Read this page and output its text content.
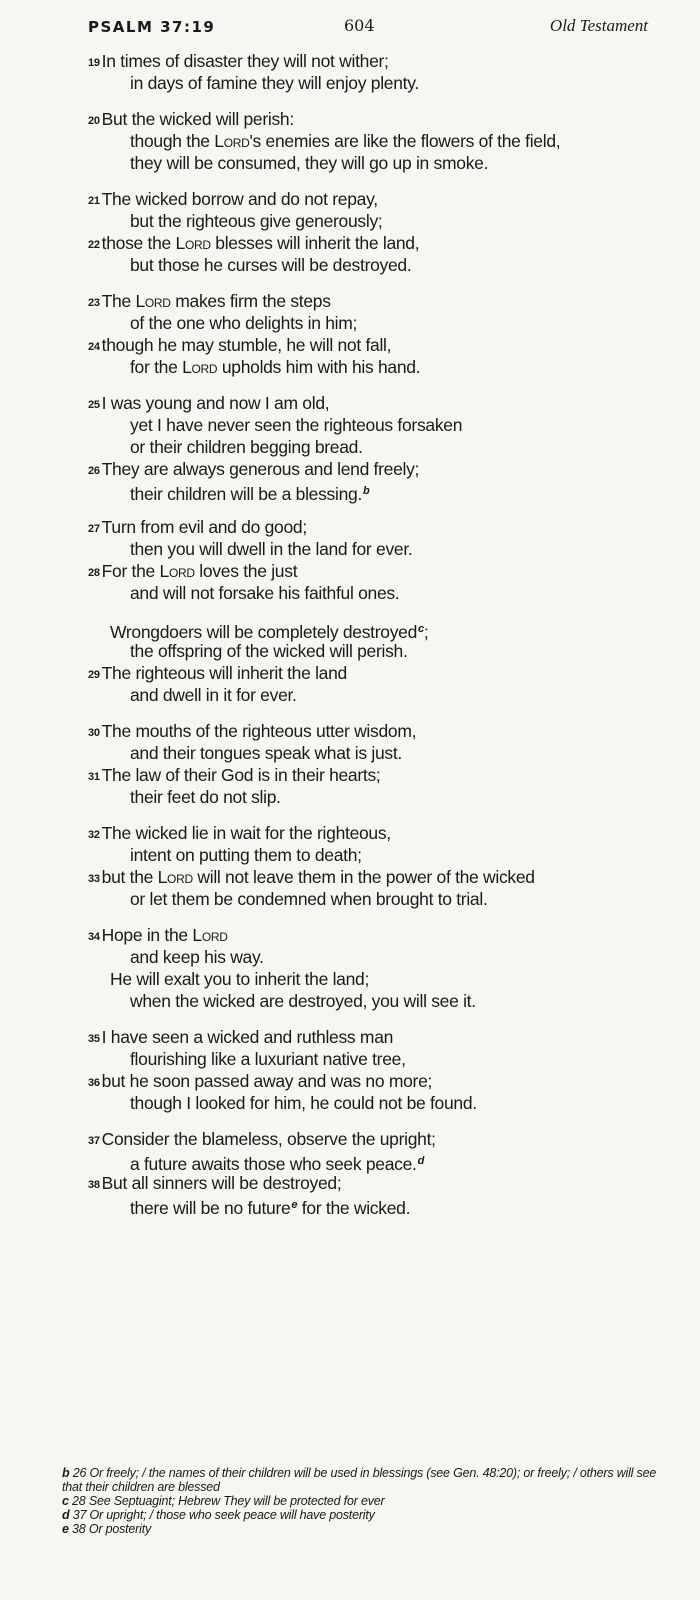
PSALM 37:19	604	Old Testament
19 In times of disaster they will not wither;
in days of famine they will enjoy plenty.
20 But the wicked will perish:
though the Lord's enemies are like the flowers of the field,
they will be consumed, they will go up in smoke.
21 The wicked borrow and do not repay,
but the righteous give generously;
22 those the Lord blesses will inherit the land,
but those he curses will be destroyed.
23 The Lord makes firm the steps
of the one who delights in him;
24 though he may stumble, he will not fall,
for the Lord upholds him with his hand.
25 I was young and now I am old,
yet I have never seen the righteous forsaken
or their children begging bread.
26 They are always generous and lend freely;
their children will be a blessing.$^b$
27 Turn from evil and do good;
then you will dwell in the land for ever.
28 For the Lord loves the just
and will not forsake his faithful ones.
Wrongdoers will be completely destroyed$^c$;
the offspring of the wicked will perish.
29 The righteous will inherit the land
and dwell in it for ever.
30 The mouths of the righteous utter wisdom,
and their tongues speak what is just.
31 The law of their God is in their hearts;
their feet do not slip.
32 The wicked lie in wait for the righteous,
intent on putting them to death;
33 but the Lord will not leave them in the power of the wicked
or let them be condemned when brought to trial.
34 Hope in the Lord
and keep his way.
He will exalt you to inherit the land;
when the wicked are destroyed, you will see it.
35 I have seen a wicked and ruthless man
flourishing like a luxuriant native tree,
36 but he soon passed away and was no more;
though I looked for him, he could not be found.
37 Consider the blameless, observe the upright;
a future awaits those who seek peace.$^d$
38 But all sinners will be destroyed;
there will be no future$^e$ for the wicked.
b 26 Or freely; / the names of their children will be used in blessings (see Gen. 48:20); or freely; / others will see that their children are blessed
c 28 See Septuagint; Hebrew They will be protected for ever
d 37 Or upright; / those who seek peace will have posterity
e 38 Or posterity
